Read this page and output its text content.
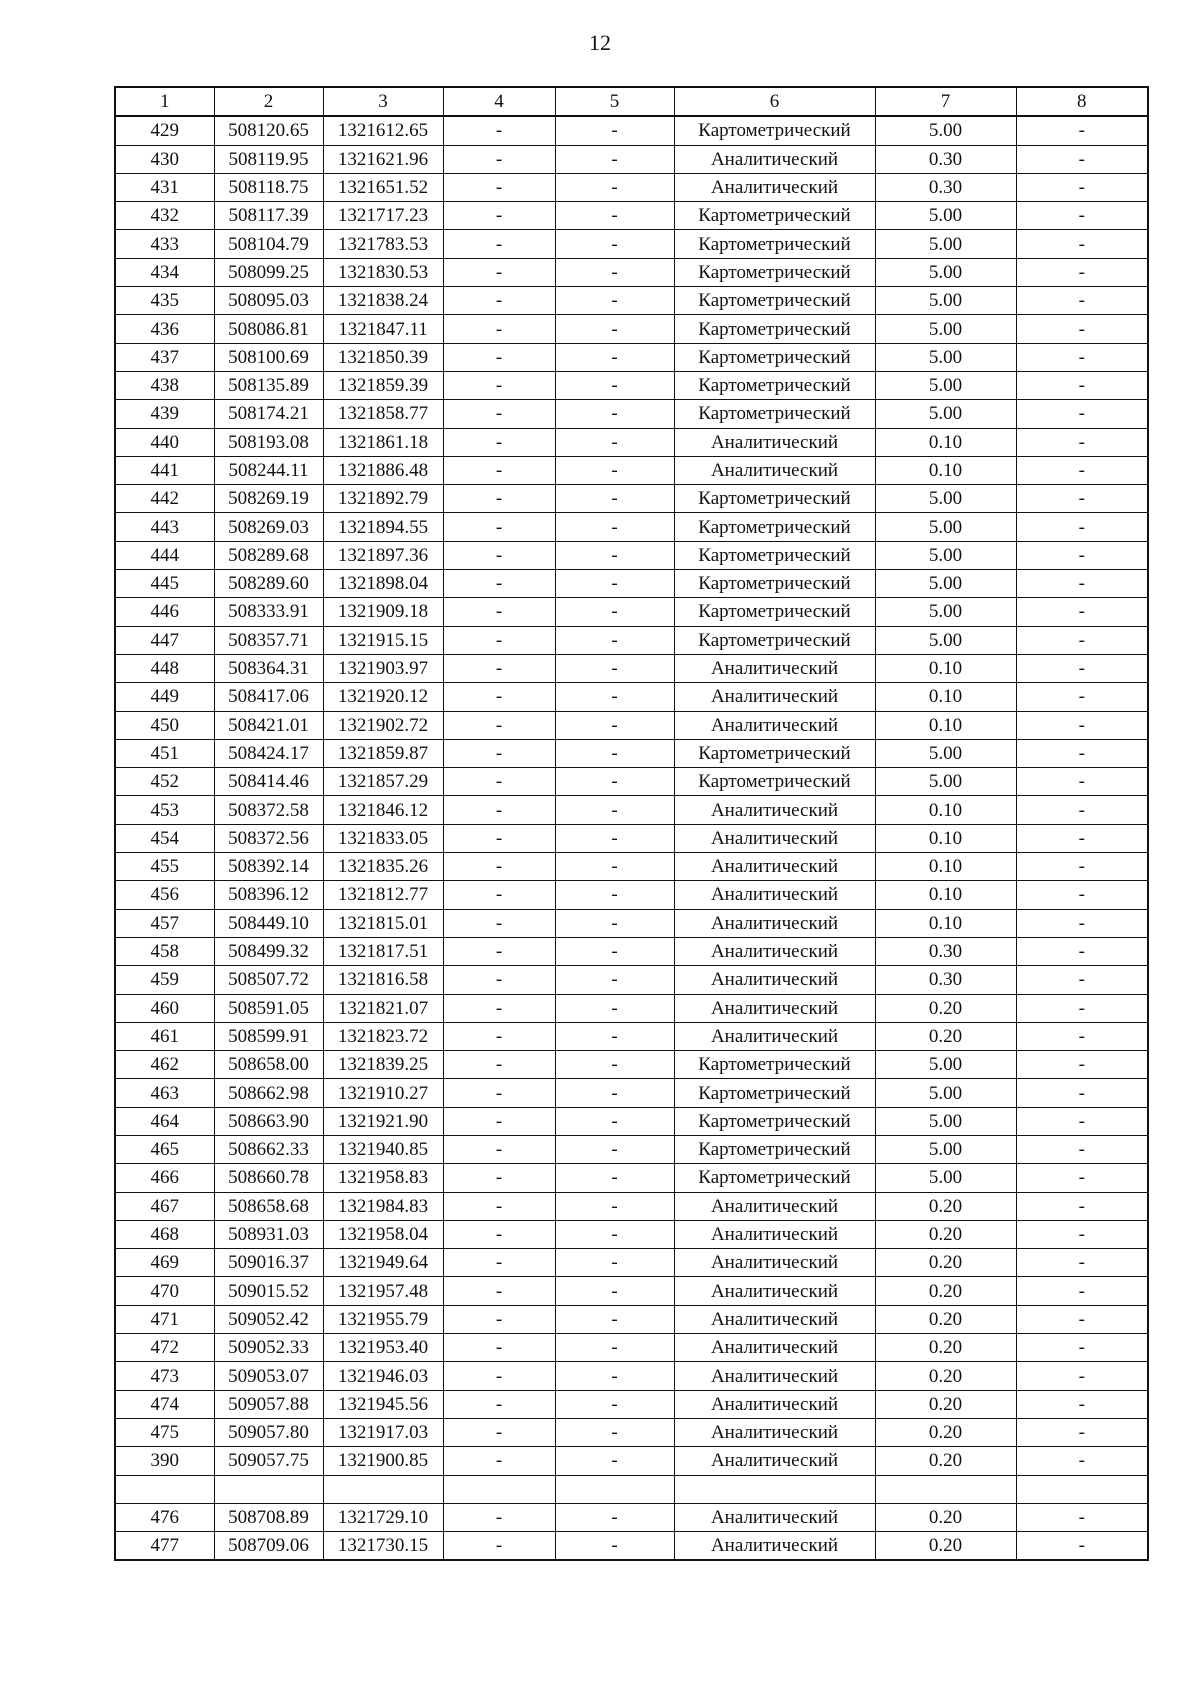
12
1	2	3	4	5	6	7	8
429	508120.65	1321612.65	-	-	Картометрический	5.00	-
430	508119.95	1321621.96	-	-	Аналитический	0.30	-
431	508118.75	1321651.52	-	-	Аналитический	0.30	-
432	508117.39	1321717.23	-	-	Картометрический	5.00	-
433	508104.79	1321783.53	-	-	Картометрический	5.00	-
434	508099.25	1321830.53	-	-	Картометрический	5.00	-
435	508095.03	1321838.24	-	-	Картометрический	5.00	-
436	508086.81	1321847.11	-	-	Картометрический	5.00	-
437	508100.69	1321850.39	-	-	Картометрический	5.00	-
438	508135.89	1321859.39	-	-	Картометрический	5.00	-
439	508174.21	1321858.77	-	-	Картометрический	5.00	-
440	508193.08	1321861.18	-	-	Аналитический	0.10	-
441	508244.11	1321886.48	-	-	Аналитический	0.10	-
442	508269.19	1321892.79	-	-	Картометрический	5.00	-
443	508269.03	1321894.55	-	-	Картометрический	5.00	-
444	508289.68	1321897.36	-	-	Картометрический	5.00	-
445	508289.60	1321898.04	-	-	Картометрический	5.00	-
446	508333.91	1321909.18	-	-	Картометрический	5.00	-
447	508357.71	1321915.15	-	-	Картометрический	5.00	-
448	508364.31	1321903.97	-	-	Аналитический	0.10	-
449	508417.06	1321920.12	-	-	Аналитический	0.10	-
450	508421.01	1321902.72	-	-	Аналитический	0.10	-
451	508424.17	1321859.87	-	-	Картометрический	5.00	-
452	508414.46	1321857.29	-	-	Картометрический	5.00	-
453	508372.58	1321846.12	-	-	Аналитический	0.10	-
454	508372.56	1321833.05	-	-	Аналитический	0.10	-
455	508392.14	1321835.26	-	-	Аналитический	0.10	-
456	508396.12	1321812.77	-	-	Аналитический	0.10	-
457	508449.10	1321815.01	-	-	Аналитический	0.10	-
458	508499.32	1321817.51	-	-	Аналитический	0.30	-
459	508507.72	1321816.58	-	-	Аналитический	0.30	-
460	508591.05	1321821.07	-	-	Аналитический	0.20	-
461	508599.91	1321823.72	-	-	Аналитический	0.20	-
462	508658.00	1321839.25	-	-	Картометрический	5.00	-
463	508662.98	1321910.27	-	-	Картометрический	5.00	-
464	508663.90	1321921.90	-	-	Картометрический	5.00	-
465	508662.33	1321940.85	-	-	Картометрический	5.00	-
466	508660.78	1321958.83	-	-	Картометрический	5.00	-
467	508658.68	1321984.83	-	-	Аналитический	0.20	-
468	508931.03	1321958.04	-	-	Аналитический	0.20	-
469	509016.37	1321949.64	-	-	Аналитический	0.20	-
470	509015.52	1321957.48	-	-	Аналитический	0.20	-
471	509052.42	1321955.79	-	-	Аналитический	0.20	-
472	509052.33	1321953.40	-	-	Аналитический	0.20	-
473	509053.07	1321946.03	-	-	Аналитический	0.20	-
474	509057.88	1321945.56	-	-	Аналитический	0.20	-
475	509057.80	1321917.03	-	-	Аналитический	0.20	-
390	509057.75	1321900.85	-	-	Аналитический	0.20	-

476	508708.89	1321729.10	-	-	Аналитический	0.20	-
477	508709.06	1321730.15	-	-	Аналитический	0.20	-
